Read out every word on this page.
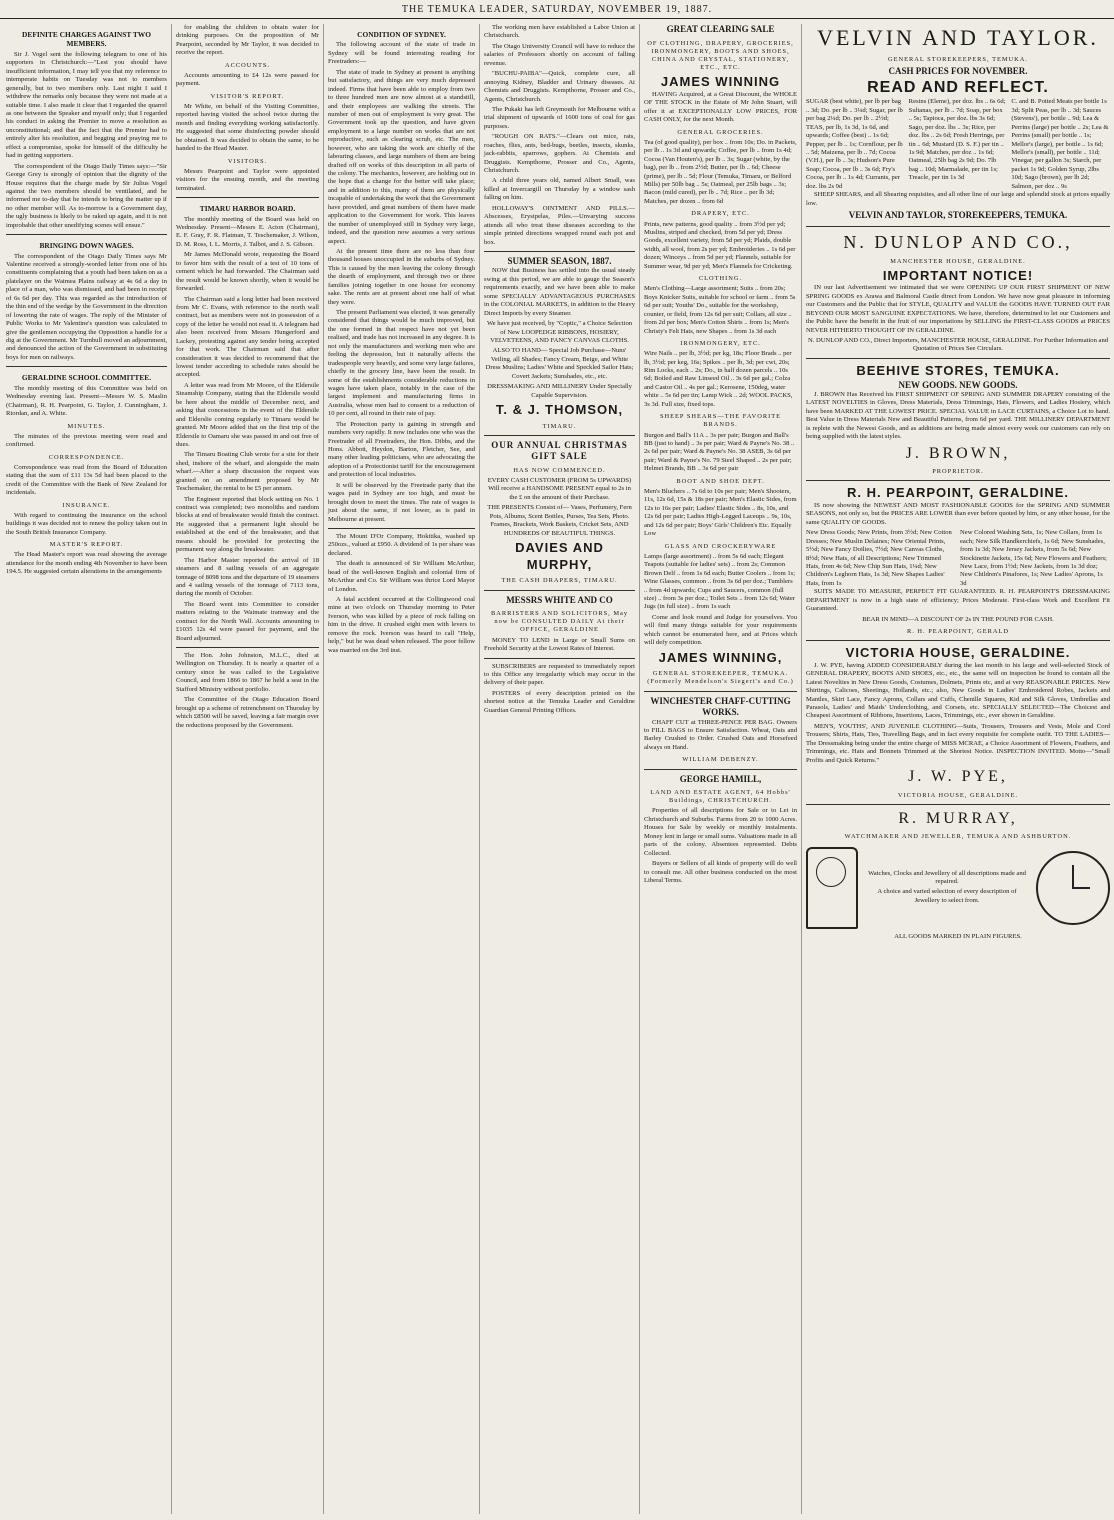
THE TEMUKA LEADER, SATURDAY, NOVEMBER 19, 1887.
DEFINITE CHARGES AGAINST TWO MEMBERS.

Sir J. Vogel sent the following telegram to one of his supporters in Christchurch:—"Lest you should have insufficient information, I may tell you that my reference to intemperate habits on Tuesday was not to members generally, but to two members only. Last night I said I withdrew the remarks only because they were not made at a suitable time. I also made it clear that I regarded the quarrel as one between the Speaker and myself only; that I regarded his conduct in asking the Premier to move a resolution as unconstitutional; and that the fact that the Premier had to entirely alter his resolution, and begging and praying me to effect a compromise, spoke for himself of the difficulty he had in getting supporters.

The correspondent of the Otago Daily Times says:—"Sir George Grey is strongly of opinion that the dignity of the House requires that the charge made by Sir Julius Vogel against the two members should be ventilated, and he informed me to-day that he intends to bring the matter up if no other member will. As to-morrow is a Government day, the ugly business is likely to be raked up again, and it is not improbable that other unedifying scenes will ensue."

BRINGING DOWN WAGES.

The correspondent of the Otago Daily Times says Mr Valentine received a strongly-worded letter from one of his constituents complaining that a youth had been taken on as a platelayer on the Waimea Plains railway at 4s 6d a day in place of a man, who was dismissed, and had been in receipt of 6s 6d per day. This was regarded as the introduction of the thin end of the wedge by the Government in the direction of lowering the rate of wages. The reply of the Minister of Public Works to Mr Valentine's question was calculated to give the gentlemen occupying the Opposition a handle for a dig at the Government. Mr Turnbull moved an adjournment, and denounced the action of the Government in substituting boys for men on railways.

GERALDINE SCHOOL COMMITTEE.

The monthly meeting of this Committee was held on Wednesday evening last. Present—Messrs W. S. Maslin (Chairman), R. H. Pearpoint, G. Taylor, J. Cunningham, J. Riordan, and A. White.

MINUTES.

The minutes of the previous meeting were read and confirmed.

CORRESPONDENCE.

Correspondence was read from the Board of Education stating that the sum of £11 13s 5d had been placed to the credit of the Committee with the Bank of New Zealand for incidentals.

INSURANCE.

With regard to continuing the insurance on the school buildings it was decided not to renew the policy taken out in the South British Insurance Company.

MASTER'S REPORT.

The Head Master's report was read showing the average attendance for the month ending 4th November to have been 194.5. He suggested certain alterations in the arrangements

for enabling the children to obtain water for drinking purposes. On the proposition of Mr Pearpoint, seconded by Mr Taylor, it was decided to receive the report.

ACCOUNTS.

Accounts amounting to £4 12s were passed for payment.

VISITOR'S REPORT.

Mr White, on behalf of the Visiting Committee, reported having visited the school twice during the month and finding everything working satisfactorily. He suggested that some disinfecting powder should be obtained. It was decided to obtain the same, to be handed to the Head Master.

VISITORS.

Messrs Pearpoint and Taylor were appointed visitors for the ensuing month, and the meeting terminated.

TIMARU HARBOR BOARD.

The monthly meeting of the Board was held on Wednesday. Present—Messrs E. Acton (Chairman), E. F. Gray, F. R. Flatman, T. Teschemaker, J. Wilson, D. M. Ross, I. L. Morris, J. Talbot, and J. S. Gibson.

Mr James McDonald wrote, requesting the Board to favor him with the result of a test of 10 tons of cement which he had forwarded. The Chairman said the result would be known shortly, when it would be forwarded.

The Chairman said a long letter had been received from Mr C. Evans, with reference to the north wall contract, but as members were not in possession of a copy of the letter he would not read it. A telegram had also been received from Messrs Hungerford and Lackey, protesting against any tender being accepted for that work. The Chairman said that after consideration it was decided to recommend that the lowest tender according to schedule rates should be accepted.

A letter was read from Mr Moore, of the Eldersile Steamship Company, stating that the Eldersile would be here about the middle of December next, and asking that concessions in the event of the Eldersile and Elderslie coming regularly to Timaru would be granted. Mr Moore added that on the first trip of the Eldersile to Oamaru she was passed in and out free of dues.

The Timaru Boating Club wrote for a site for their shed, inshore of the wharf, and alongside the main wharf.—After a sharp discussion the request was granted on an amendment proposed by Mr Teschemaker, the rental to be £5 per annum.

The Engineer reported that block setting on No. 1 contract was completed; two monoliths and random blocks at end of breakwater would finish the contract. He suggested that a permanent light should be established at the end of the breakwater, and that means should be provided for protecting the permanent way along the breakwater.

The Harbor Master reported the arrival of 18 steamers and 8 sailing vessels of an aggregate tonnage of 8098 tons and the departure of 19 steamers and 4 sailing vessels of the tonnage of 7113 tons, during the month of October.

The Board went into Committee to consider matters relating to the Waimate tramway and the contract for the North Wall. Accounts amounting to £1035 12s 4d were passed for payment, and the Board adjourned.

The Hon. John Johnston, M.L.C., died at Wellington on Thursday. It is nearly a quarter of a century since he was called to the Legislative Council, and from 1866 to 1867 he held a seat in the Stafford Ministry without portfolio.

The Committee of the Otago Education Board brought up a scheme of retrenchment on Thursday by which £8500 will be saved, leaving a fair margin over the reductions proposed by the Government.

CONDITION OF SYDNEY.

The following account of the state of trade in Sydney will be found interesting reading for Freetraders:—

The state of trade in Sydney at present is anything but satisfactory, and things are very much depressed indeed. Firms that have been able to employ from two to three hundred men are now almost at a standstill, and their employees are walking the streets. The number of men out of employment is very great. The Government took up the question, and have given employment to a large number on works that are not reproductive, such as clearing scrub, etc. The men, however, who are taking the work are chiefly of the labouring classes, and large numbers of them are being drafted off on works of this description in all parts of the colony. The mechanics, however, are holding out in the hope that a change for the better will take place; and in addition to this, many of them are physically incapable of undertaking the work that the Government have provided, and great numbers of them have made application to the Government for work. This leaves the number of unemployed still in Sydney very large, indeed, and the question now assumes a very serious aspect.

At the present time there are no less than four thousand houses unoccupied in the suburbs of Sydney. This is caused by the men leaving the colony through the dearth of employment, and through two or three families joining together in one house for economy sake. The rents are at present about one half of what they were.

The present Parliament was elected, it was generally considered that things would be much improved, but the one formed in that respect have not yet been realised, and trade has not increased in any degree. It is not only the manufacturers and working men who are feeling the depression, but it naturally affects the tradespeople very heavily, and some very large failures, chiefly in the grocery line, have been the result. In some of the establishments considerable reductions in wages have taken place, notably in the case of the largest implement and manufacturing firms in Australia, whose men had to consent to a reduction of 10 per cent, all round in their rate of pay.

The Protection party is gaining in strength and numbers very rapidly. It now includes one who was the Freetrader of all Freetraders, the Hon. Dibbs, and the Hons. Abbott, Heydon, Barton, Fletcher, See, and many other leading politicians, who are advocating the adoption of a Protectionist tariff for the encouragement and protection of local industries.

It will be observed by the Freetrade party that the wages paid in Sydney are too high, and must be brought down to meet the times. The rate of wages is just about the same, if not lower, as is paid in Melbourne at present.

The Mount D'Or Company, Hokitika, washed up 250ozs., valued at £950. A dividend of 1s per share was declared.

The death is announced of Sir William McArthur, head of the well-known English and colonial firm of McArthur and Co. Sir William was thrice Lord Mayor of London.

A fatal accident occurred at the Collingwood coal mine at two o'clock on Thursday morning to Peter Iverson, who was killed by a piece of rock falling on him in the drive. It crushed eight men with levers to remove the rock. Iverson was heard to call "Help, help," but he was dead when released. The poor fellow was married on the 3rd inst.

The working men have established a Labor Union at Christchurch.

The Otago University Council will have to reduce the salaries of Professors shortly on account of falling revenue.

"BUCHU-PAIBA"—Quick, complete cure, all annoying Kidney, Bladder and Urinary diseases. At Chemists and Druggists. Kempthorne, Prosser and Co., Agents, Christchurch.

The Pukaki has left Greymouth for Melbourne with a trial shipment of upwards of 1600 tons of coal for gas purposes.

"ROUGH ON RATS."—Clears out mice, rats, roaches, flies, ants, bed-bugs, beetles, insects, skunks, jack-rabbits, sparrows, gophers. At Chemists and Druggists. Kempthorne, Prosser and Co., Agents, Christchurch.

A child three years old, named Albert Small, was killed at Invercargill on Thursday by a window sash falling on him.

HOLLOWAY'S OINTMENT AND PILLS.—Abscesses, Erysipelas, Piles.—Unvarying success attends all who treat these diseases according to the simple printed directions wrapped round each pot and box.

SUMMER SEASON, 1887.

NOW that Business has settled into the usual steady swing at this period, we are able to gauge the Season's requirements exactly, and we have been able to make some SPECIALLY ADVANTAGEOUS PURCHASES in the COLONIAL MARKETS, in addition to the Heavy Direct Imports by every Steamer.

We have just received, by "Coptic," a Choice Selection of New LOOPEDGE RIBBONS, HOSIERY, VELVETEENS, AND FANCY CANVAS CLOTHS.

ALSO TO HAND— Special Job Purchase—Nuns' Veiling, all Shades; Fancy Cream, Beige, and White Dress Muslins; Ladies' White and Speckled Sailor Hats; Covert Jackets; Sunshades, etc., etc.

DRESSMAKING AND MILLINERY Under Specially Capable Supervision.

T. & J. THOMSON,
TIMARU.
OUR ANNUAL CHRISTMAS GIFT SALE
HAS NOW COMMENCED.

EVERY CASH CUSTOMER (FROM 5s UPWARDS) Will receive a HANDSOME PRESENT equal to 2s in the £ on the amount of their Purchase.

THE PRESENTS Consist of— Vases, Perfumery, Fern Pots, Albums, Scent Bottles, Purses, Tea Sets, Photo. Frames, Brackets, Work Baskets, Cricket Sets, AND HUNDREDS OF BEAUTIFUL THINGS.

DAVIES AND MURPHY,
THE CASH DRAPERS, TIMARU.
MESSRS WHITE AND CO
BARRISTERS AND SOLICITORS, May now be CONSULTED DAILY At their OFFICE, GERALDINE

MONEY TO LEND in Large or Small Sums on Freehold Security at the Lowest Rates of Interest.

SUBSCRIBERS are requested to immediately report to this Office any irregularity which may occur in the delivery of their paper.

POSTERS of every description printed on the shortest notice at the Temuka Leader and Geraldine Guardian General Printing Offices.

GREAT CLEARING SALE
OF CLOTHING, DRAPERY, GROCERIES, IRONMONGERY, BOOTS AND SHOES, CHINA AND CRYSTAL, STATIONERY, ETC., ETC.
JAMES WINNING

HAVING Acquired, at a Great Discount, the WHOLE OF THE STOCK in the Estate of Mr John Stuart, will offer it at EXCEPTIONALLY LOW PRICES, FOR CASH ONLY, for the next Month.

GENERAL GROCERIES.

Tea (of good quality), per box .. from 10s; Do. in Packets, per lb .. 1s 3d and upwards; Coffee, per lb .. from 1s 4d; Cocoa (Van Houten's), per lb .. 3s; Sugar (white, by the bag), per lb .. from 2½d; Butter, per lb .. 6d; Cheese (prime), per lb .. 5d; Flour (Temuka, Timaru, or Belford Mills) per 50lb bag .. 5s; Oatmeal, per 25lb bags .. 3s; Bacon (mild cured), per lb .. 7d; Rice .. per lb 3d; Matches, per dozen .. from 6d

DRAPERY, ETC.

Prints, new patterns, good quality .. from 3½d per yd; Muslins, striped and checked, from 5d per yd; Dress Goods, excellent variety, from 5d per yd; Plaids, double width, all wool, from 2s per yd; Embroideries .. 1s 6d per dozen; Winceys .. from 5d per yd; Flannels, suitable for Summer wear, 9d per yd; Men's Flannels for Cricketing.

CLOTHING.

Men's Clothing—Large assortment; Suits .. from 20s; Boys Knicker Suits, suitable for school or farm .. from 5s 6d per suit; Youths' Do., suitable for the workshop, counter, or field, from 12s 6d per suit; Collars, all size .. from 2d per box; Men's Cotton Shirts .. from 1s; Men's Christy's Felt Hats, new Shapes .. from 1s 3d each

IRONMONGERY, ETC.

Wire Nails .. per lb, 3½d; per kg, 18s; Floor Brads .. per lb, 3½d; per keg, 16s; Spikes .. per lb, 3d; per cwt, 20s; Rim Locks, each .. 2s; Do., in half dozen parcels .. 10s 6d; Boiled and Raw Linseed Oil .. 3s 6d per gal.; Colza and Castor Oil .. 4s per gal.; Kerosene, 150deg, water white .. 5s 6d per tin; Lamp Wick .. 2d; WOOL PACKS, 3s 3d. Full size, fixed tops.

SHEEP SHEARS—THE FAVORITE BRANDS.

Burgon and Ball's 11A .. 3s per pair; Burgon and Ball's BB (just to hand) .. 3s per pair; Ward & Payne's No. 38 .. 2s 6d per pair; Ward & Payne's No. 38 ASEB, 3s 6d per pair; Ward & Payne's No. 79 Steel Shaped .. 2s per pair; Helmet Brands, BB .. 3s 6d per pair

BOOT AND SHOE DEPT.

Men's Bluchers .. 7s 6d to 10s per pair; Men's Shooters, 11s, 12s 6d, 15s & 18s per pair; Men's Elastic Sides, from 12s to 16s per pair; Ladies' Elastic Sides .. 8s, 10s, and 12s 6d per pair; Ladies High-Legged Laceups .. 9s, 10s, and 12s 6d per pair; Boys' Girls' Children's Etc. Equally Low

GLASS AND CROCKERYWARE

Lamps (large assortment) .. from 5s 6d each; Elegant Teapots (suitable for ladies' sets) .. from 2s; Common Brown Delf .. from 1s 6d each; Butter Coolers .. from 1s; Wine Glasses, common .. from 3s 6d per doz.; Tumblers .. from 4d upwards; Cups and Saucers, common (full size) .. from 3s per doz.; Toilet Sets .. from 12s 6d; Water Jugs (in full size) .. from 1s each

Come and look round and Judge for yourselves. You will find many things suitable for your requirements which cannot be enumerated here, and at Prices which will defy competition.

JAMES WINNING,
GENERAL STOREKEEPER, TEMUKA. (Formerly Mendelson's Siegert's and Co.)
WINCHESTER CHAFF-CUTTING WORKS.

CHAFF CUT at THREE-PENCE PER BAG. Owners to FILL BAGS to Ensure Satisfaction. Wheat, Oats and Barley Crushed to Order. Crushed Oats and Horsefeed always on Hand.

WILLIAM DEBENZY.
GEORGE HAMILL,
LAND AND ESTATE AGENT, 64 Hobbs' Buildings, CHRISTCHURCH.

Properties of all descriptions for Sale or to Let in Christchurch and Suburbs. Farms from 20 to 1000 Acres. Houses for Sale by weekly or monthly instalments. Money lent in large or small sums. Valuations made in all parts of the colony. Absentees represented. Debts Collected.

Buyers or Sellers of all kinds of property will do well to consult me. All other business conducted on the most Liberal Terms.

VELVIN AND TAYLOR.
GENERAL STOREKEEPERS, TEMUKA.
CASH PRICES FOR NOVEMBER.
READ AND REFLECT.
SUGAR (best white), per lb per bag .. 3d; Do. per lb .. 3¼d; Sugar, per lb per bag 2¼d; Do. per lb .. 2½d; TEAS, per lb, 1s 3d, 1s 6d, and upwards; Coffee (best) .. 1s 6d; Pepper, per lb .. 1s; Cornflour, per lb .. 5d; Maizena, per lb .. 7d; Cocoa (V.H.), per lb .. 3s; Hudson's Pure Soap; Cocoa, per lb .. 3s 6d; Fry's Cocoa, per lb .. 1s 4d; Currants, per doz. lbs 2s 9d
Resins (Eleme), per doz. lbs .. 6s 6d; Sultanas, per lb .. 7d; Soap, per box .. 5s; Tapioca, per doz. lbs 3s 6d; Sago, per doz. lbs .. 3s; Rice, per doz. lbs .. 2s 6d; Fresh Herrings, per tin .. 6d; Mustard (D. S. F.) per tin .. 1s 9d; Matches, per doz .. 1s 6d; Oatmeal, 25lb bag 2s 9d; Do. 7lb bag .. 10d; Marmalade, per tin 1s; Treacle, per tin 1s 3d
C. and B. Potted Meats per bottle 1s 3d; Split Peas, per lb .. 3d; Sauces (Stevens'), per bottle .. 9d; Lea & Perrins (large) per bottle .. 2s; Lea & Perrins (small) per bottle .. 1s; Mellor's (large), per bottle .. 1s 6d; Mellor's (small), per bottle .. 11d; Vinegar, per gallon 3s; Starch, per packet 1s 9d; Golden Syrup, 2lbs 10d; Sago (brown), per lb 2d; Salmon, per doz .. 9s

SHEEP SHEARS, and all Shearing requisites, and all other line of our large and splendid stock at prices equally low.

VELVIN AND TAYLOR, STOREKEEPERS, TEMUKA.
N. DUNLOP AND CO.,
MANCHESTER HOUSE, GERALDINE.
IMPORTANT NOTICE!

IN our last Advertisement we intimated that we were OPENING UP OUR FIRST SHIPMENT OF NEW SPRING GOODS ex Arawa and Balmoral Castle direct from London. We have now great pleasure in informing our Customers and the Public that for STYLE, QUALITY and VALUE the GOODS HAVE TURNED OUT FAR BEYOND OUR MOST SANGUINE EXPECTATIONS. We have, therefore, determined to let our Customers and the Public have the benefit in the fruit of our importations by SELLING the FIRST-CLASS GOODS at PRICES NEVER HITHERTO THOUGHT OF IN GERALDINE.

N. DUNLOP AND CO., Direct Importers, MANCHESTER HOUSE, GERALDINE. For Further Information and Quotation of Prices See Circulars.

BEEHIVE STORES, TEMUKA.
NEW GOODS. NEW GOODS.

J. BROWN Has Received his FIRST SHIPMENT OF SPRING AND SUMMER DRAPERY consisting of the LATEST NOVELTIES in Gloves, Dress Materials, Dress Trimmings, Hats, Flowers, and Ladies Hosiery, which have been MARKED AT THE LOWEST PRICE. SPECIAL VALUE in LACE CURTAINS, a Choice Lot to hand. Best Value in Dress Materials New and Beautiful Patterns, from 6d per yard. THE MILLINERY DEPARTMENT is replete with the Newest Goods, and as additions are being made almost every week our customers can rely on being supplied with the latest styles.

J. BROWN,
PROPRIETOR.
R. H. PEARPOINT, GERALDINE.

IS now showing the NEWEST AND MOST FASHIONABLE GOODS for the SPRING AND SUMMER SEASONS, not only so, but the PRICES ARE LOWER than ever before quoted by him, or any other house, for the same QUALITY OF GOODS.

New Dress Goods; New Prints, from 3½d; New Cotton Dresses; New Muslin Delaines; New Oriental Prints, 5½d; New Fancy Doilies, 7½d; New Canvas Cloths, 8½d; New Hats, of all Descriptions; New Trimmed Hats, from 4s 6d; New Chip Sun Hats, 1¼d; New Children's Leghorn Hats, 1s 3d; New Shapes Ladies' Hats, from 1s
New Colored Washing Sets, 1s; New Collars, from 1s each; New Silk Handkerchiefs, 1s 6d; New Sunshades, from 1s 3d; New Jersey Jackets, from 5s 6d; New Stockinette Jackets, 15s 6d; New Flowers and Feathers; New Lace, from 1½d; New Jackets, from 1s 3d doz; New Children's Pinafores, 1s; New Ladies' Aprons, 1s 3d

SUITS MADE TO MEASURE, PERFECT FIT GUARANTEED. R. H. PEARPOINT'S DRESSMAKING DEPARTMENT is now in a high state of efficiency; Prices Moderate. First-class Work and Excellent Fit Guaranteed.

BEAR IN MIND—A DISCOUNT OF 2s IN THE POUND FOR CASH.

R. H. PEARPOINT, GERALD
VICTORIA HOUSE, GERALDINE.

J. W. PYE, having ADDED CONSIDERABLY during the last month to his large and well-selected Stock of GENERAL DRAPERY, BOOTS AND SHOES, etc., etc., the same will on inspection be found to contain all the Latest Novelties in New Dress Goods, Costumes, Dolmets, Prints etc, and at very REASONABLE PRICES. New Shirtings, Calicoes, Sheetings, Hollands, etc.; also, New Goods in Ladies' Embroidered Robes, Jackets and Mantles, Skirt Lace, Fancy Aprons, Collars and Cuffs, Chenille Squares, Kid and Silk Gloves, Umbrellas and Parasols, Ladies' and Maids' Underclothing, and Corsets, etc. SPECIALLY SELECTED—The Choicest and Cheapest Assortment of Ribbons, Insertions, Laces, Trimmings, etc., ever shown in Geraldine.

MEN'S, YOUTHS', AND JUVENILE CLOTHING—Suits, Trousers, Trousers and Vests, Mole and Cord Trousers; Shirts, Hats, Ties, Travelling Bags, and in fact every requisite for complete outfit. TO THE LADIES—The Dressmaking being under the entire charge of MISS MCRAE, a Choice Assortment of Flowers, Feathers, and Trimmings, etc. Hats and Bonnets Trimmed at the Shortest Notice. INSPECTION INVITED. Motto—"Small Profits and Quick Returns."

J. W. PYE,
VICTORIA HOUSE, GERALDINE.
R. MURRAY,
WATCHMAKER AND JEWELLER, TEMUKA AND ASHBURTON.

Watches, Clocks and Jewellery of all descriptions made and repaired.

A choice and varied selection of every description of Jewellery to select from.

ALL GOODS MARKED IN PLAIN FIGURES.
